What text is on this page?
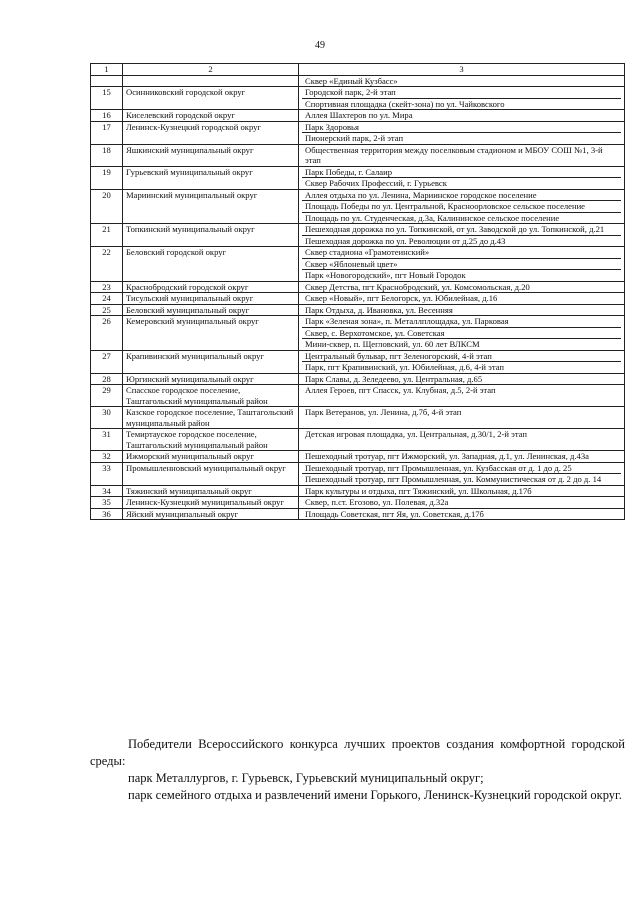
49
1	2	3

		Сквер «Единый Кузбасс»

15	Осинниковский городской округ	Городской парк, 2-й этап
Спортивная площадка (скейт-зона) по ул. Чайковского

16	Киселевский городской округ	Аллея Шахтеров по ул. Мира

17	Ленинск-Кузнецкий городской округ	Парк Здоровья
Пионерский парк, 2-й этап

18	Яшкинский муниципальный округ	Общественная территория между поселковым стадионом и МБОУ СОШ №1, 3-й этап

19	Гурьевский муниципальный округ	Парк Победы, г. Салаир
Сквер Рабочих Профессий, г. Гурьевск

20	Мариинский муниципальный округ	Аллея отдыха по ул. Ленина, Мариинское городское поселение
Площадь Победы по ул. Центральной, Красноорловское сельское поселение
Площадь по ул. Студенческая, д.3а, Калининское сельское поселение

21	Топкинский муниципальный округ	Пешеходная дорожка по ул. Топкинской, от ул. Заводской до ул. Топкинской, д.21
Пешеходная дорожка по ул. Революции от д.25 до д.43

22	Беловский городской округ	Сквер стадиона «Грамотеинский»
Сквер «Яблоневый цвет»
Парк «Новогородский», пгт Новый Городок

23	Краснобродский городской округ	Сквер Детства, пгт Краснобродский, ул. Комсомольская, д.20

24	Тисульский муниципальный округ	Сквер «Новый», пгт Белогорск, ул. Юбилейная, д.16

25	Беловский муниципальный округ	Парк Отдыха, д. Ивановка, ул. Весенняя

26	Кемеровский муниципальный округ	Парк «Зеленая зона», п. Металлплощадка, ул. Парковая
Сквер, с. Верхотомское, ул. Советская
Мини-сквер, п. Щегловский, ул. 60 лет ВЛКСМ

27	Крапивинский муниципальный округ	Центральный бульвар, пгт Зеленогорский, 4-й этап
Парк, пгт Крапивинский, ул. Юбилейная, д.6, 4-й этап

28	Юргинский муниципальный округ	Парк Славы, д. Зеледеево, ул. Центральная, д.65

29	Спасское городское поселение, Таштагольский муниципальный район	Аллея Героев, пгт Спасск, ул. Клубная, д.5, 2-й этап

30	Казское городское поселение, Таштагольский муниципальный район	Парк Ветеранов, ул. Ленина, д.7б, 4-й этап

31	Темиртауское городское поселение, Таштагольский муниципальный район	Детская игровая площадка, ул. Центральная, д.30/1, 2-й этап

32	Ижморский муниципальный округ	Пешеходный тротуар, пгт Ижморский, ул. Западная, д.1, ул. Ленинская, д.43а

33	Промышленновский муниципальный округ	Пешеходный тротуар, пгт Промышленная, ул. Кузбасская от д. 1 до д. 25
Пешеходный тротуар, пгт Промышленная, ул. Коммунистическая от д. 2 до д. 14

34	Тяжинский муниципальный округ	Парк культуры и отдыха, пгт Тяжинский, ул. Школьная, д.17б

35	Ленинск-Кузнецкий муниципальный округ	Сквер, п.ст. Егозово, ул. Полевая, д.32а

36	Яйский муниципальный округ	Площадь Советская, пгт Яя, ул. Советская, д.17б

Победители Всероссийского конкурса лучших проектов создания комфортной городской среды:

парк Металлургов, г. Гурьевск, Гурьевский муниципальный округ;

парк семейного отдыха и развлечений имени Горького, Ленинск-Кузнецкий городской округ.
